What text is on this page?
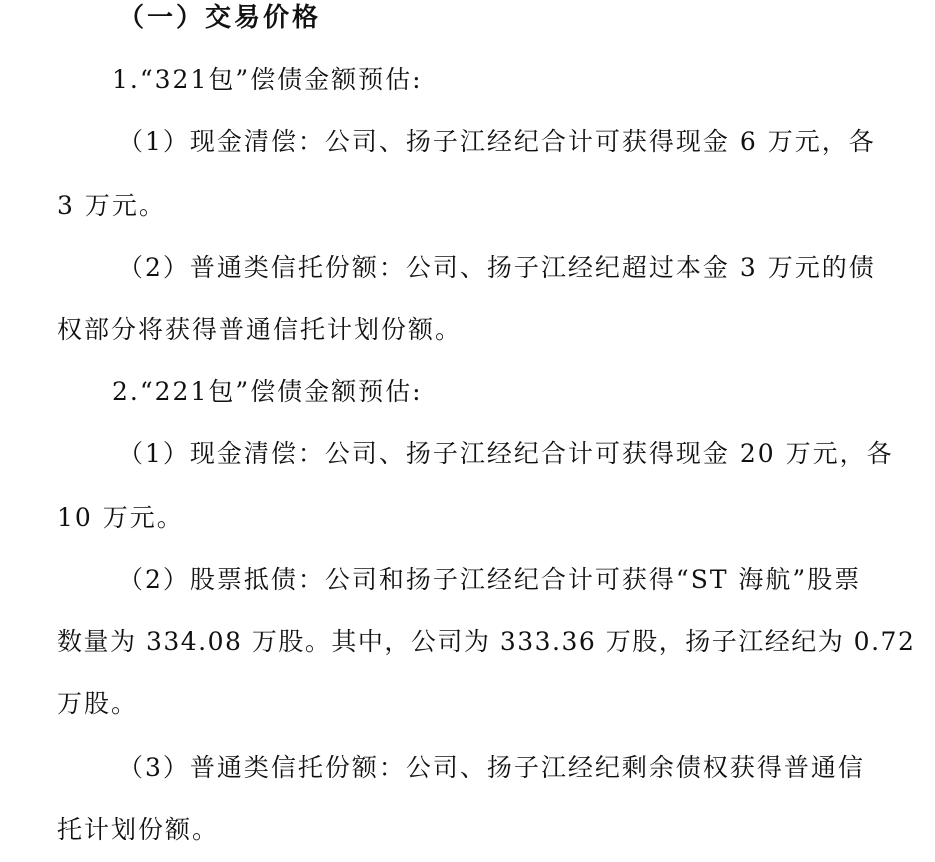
（一）交易价格
1.“321包”偿债金额预估:
（1）现金清偿：公司、扬子江经纪合计可获得现金 6 万元，各
3 万元。
（2）普通类信托份额：公司、扬子江经纪超过本金 3 万元的债
权部分将获得普通信托计划份额。
2.“221包”偿债金额预估:
（1）现金清偿：公司、扬子江经纪合计可获得现金 20 万元，各
10 万元。
（2）股票抵债：公司和扬子江经纪合计可获得“ST 海航”股票
数量为 334.08 万股。其中，公司为 333.36 万股，扬子江经纪为 0.72
万股。
（3）普通类信托份额：公司、扬子江经纪剩余债权获得普通信
托计划份额。
